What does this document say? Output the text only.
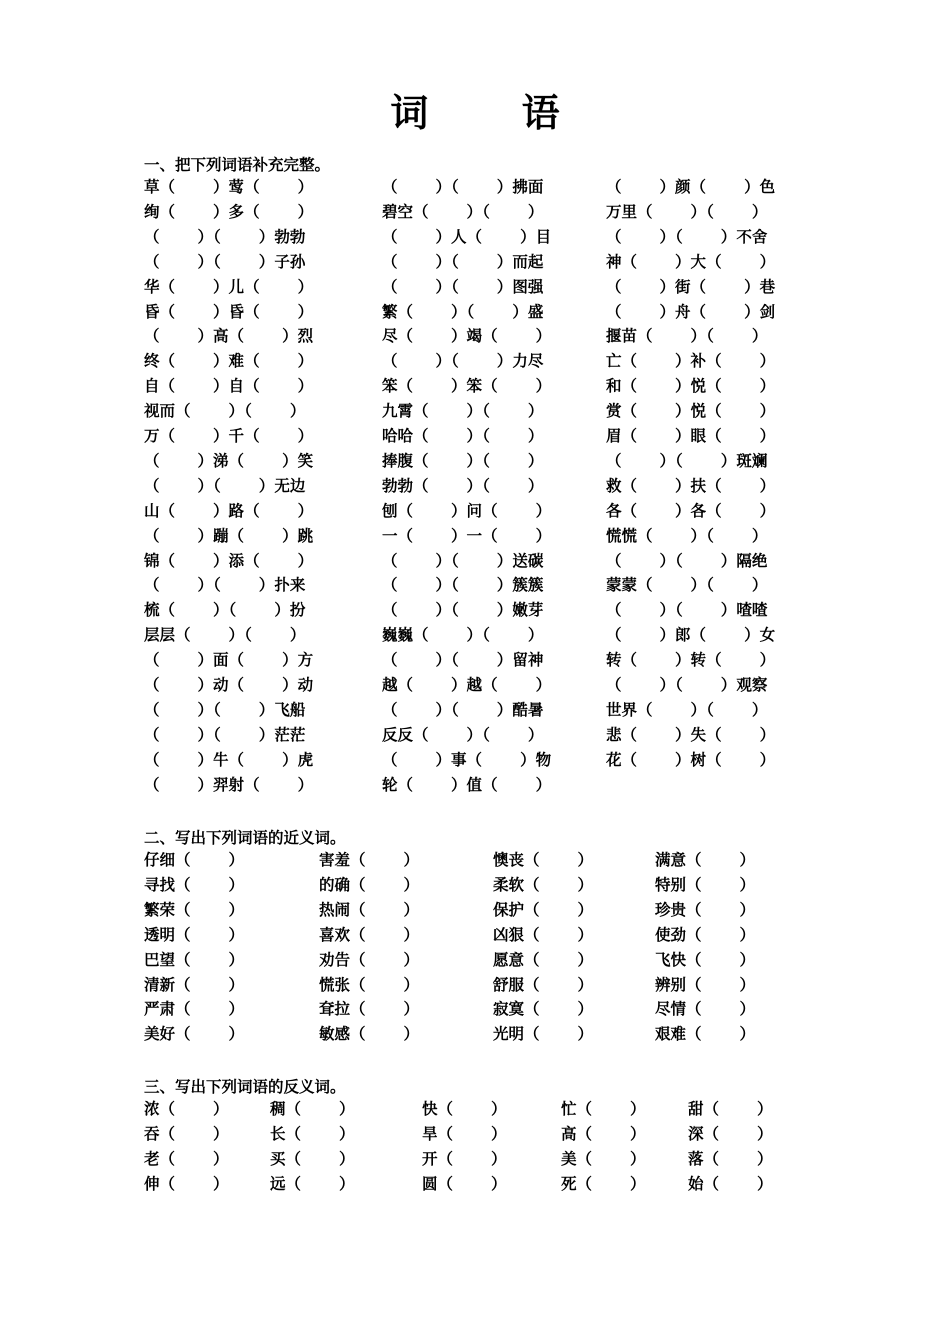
词 语
一、把下列词语补充完整。
草（ ）莺（ ）	（ ）（ ）拂面	（ ）颜（ ）色
绚（ ）多（ ）	碧空（ ）（ ）	万里（ ）（ ）
（ ）（ ）勃勃	（ ）人（ ）目	（ ）（ ）不舍
（ ）（ ）子孙	（ ）（ ）而起	神（ ）大（ ）
华（ ）儿（ ）	（ ）（ ）图强	（ ）街（ ）巷
昏（ ）昏（ ）	繁（ ）（ ）盛	（ ）舟（ ）剑
（ ）高（ ）烈	尽（ ）竭（ ）	揠苗（ ）（ ）
终（ ）难（ ）	（ ）（ ）力尽	亡（ ）补（ ）
自（ ）自（ ）	笨（ ）笨（ ）	和（ ）悦（ ）
视而（ ）（ ）	九霄（ ）（ ）	赏（ ）悦（ ）
万（ ）千（ ）	哈哈（ ）（ ）	眉（ ）眼（ ）
（ ）涕（ ）笑	捧腹（ ）（ ）	（ ）（ ）斑斓
（ ）（ ）无边	勃勃（ ）（ ）	救（ ）扶（ ）
山（ ）路（ ）	刨（ ）问（ ）	各（ ）各（ ）
（ ）蹦（ ）跳	一（ ）一（ ）	慌慌（ ）（ ）
锦（ ）添（ ）	（ ）（ ）送碳	（ ）（ ）隔绝
（ ）（ ）扑来	（ ）（ ）簇簇	蒙蒙（ ）（ ）
梳（ ）（ ）扮	（ ）（ ）嫩芽	（ ）（ ）喳喳
层层（ ）（ ）	巍巍（ ）（ ）	（ ）郎（ ）女
（ ）面（ ）方	（ ）（ ）留神	转（ ）转（ ）
（ ）动（ ）动	越（ ）越（ ）	（ ）（ ）观察
（ ）（ ）飞船	（ ）（ ）酷暑	世界（ ）（ ）
（ ）（ ）茫茫	反反（ ）（ ）	悲（ ）失（ ）
（ ）牛（ ）虎	（ ）事（ ）物	花（ ）树（ ）
（ ）羿射（ ）	轮（ ）值（ ）
二、写出下列词语的近义词。
仔细（ ）	害羞（ ）	懊丧（ ）	满意（ ）
寻找（ ）	的确（ ）	柔软（ ）	特别（ ）
繁荣（ ）	热闹（ ）	保护（ ）	珍贵（ ）
透明（ ）	喜欢（ ）	凶狠（ ）	使劲（ ）
巴望（ ）	劝告（ ）	愿意（ ）	飞快（ ）
清新（ ）	慌张（ ）	舒服（ ）	辨别（ ）
严肃（ ）	耷拉（ ）	寂寞（ ）	尽情（ ）
美好（ ）	敏感（ ）	光明（ ）	艰难（ ）
三、写出下列词语的反义词。
浓（ ）	稠（ ）	快（ ）	忙（ ）	甜（ ）
吞（ ）	长（ ）	旱（ ）	高（ ）	深（ ）
老（ ）	买（ ）	开（ ）	美（ ）	落（ ）
伸（ ）	远（ ）	圆（ ）	死（ ）	始（ ）
